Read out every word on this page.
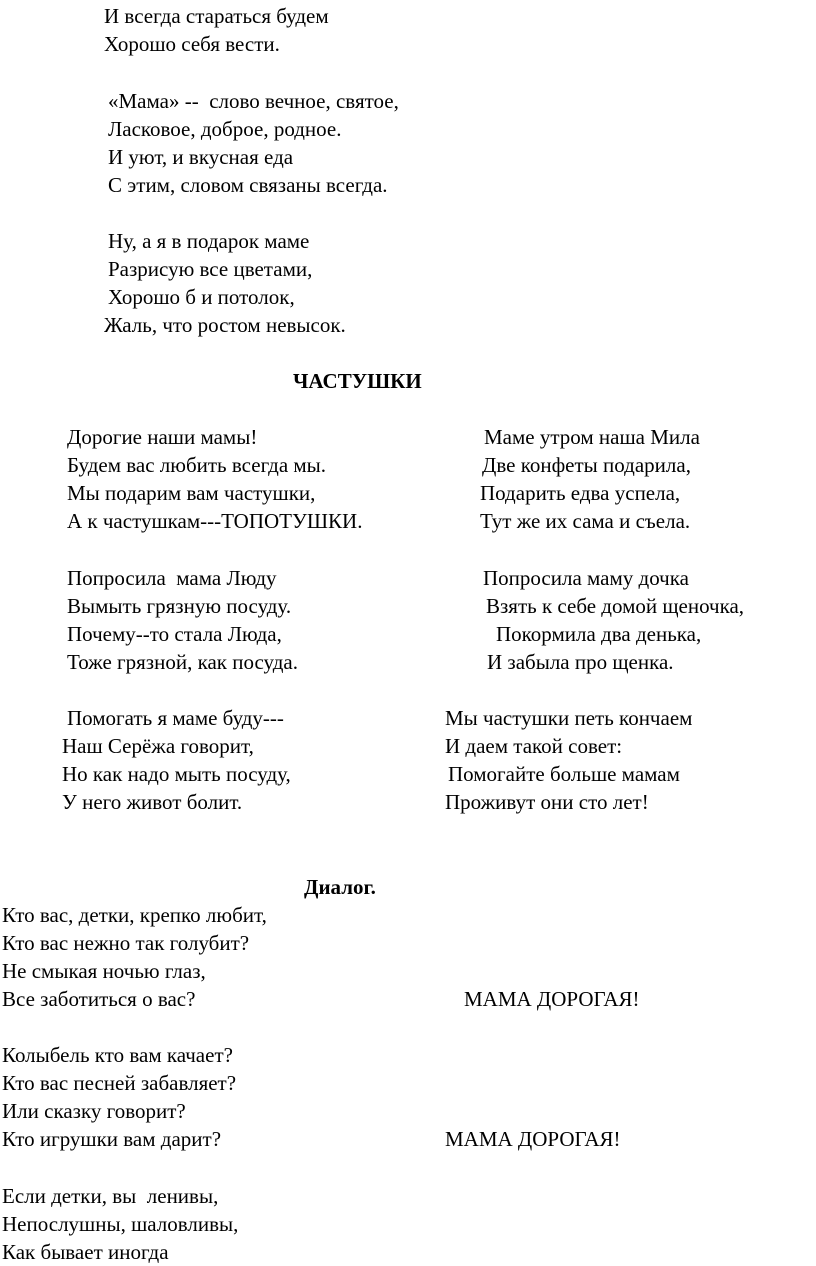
И всегда стараться будем
Хорошо себя вести.
«Мама» --  слово вечное, святое,
Ласковое, доброе, родное.
И уют, и вкусная еда
С этим, словом связаны всегда.
Ну, а я в подарок маме
Разрисую все цветами,
Хорошо б и потолок,
Жаль, что ростом невысок.
ЧАСТУШКИ
Дорогие наши мамы!
Будем вас любить всегда мы.
Мы подарим вам частушки,
А к частушкам---ТОПОТУШКИ.
Попросила  мама Люду
Вымыть грязную посуду.
Почему--то стала Люда,
Тоже грязной, как посуда.
Помогать я маме буду---
Наш Серёжа говорит,
Но как надо мыть посуду,
У него живот болит.
Маме утром наша Мила
Две конфеты подарила,
Подарить едва успела,
Тут же их сама и съела.
Попросила маму дочка
Взять к себе домой щеночка,
Покормила два денька,
И забыла про щенка.
Мы частушки петь кончаем
И даем такой совет:
Помогайте больше мамам
Проживут они сто лет!
Диалог.
Кто вас, детки, крепко любит,
Кто вас нежно так голубит?
Не смыкая ночью глаз,
Все заботиться о вас?	МАМА ДОРОГАЯ!
Колыбель кто вам качает?
Кто вас песней забавляет?
Или сказку говорит?
Кто игрушки вам дарит?	МАМА ДОРОГАЯ!
Если детки, вы  ленивы,
Непослушны, шаловливы,
Как бывает иногда
